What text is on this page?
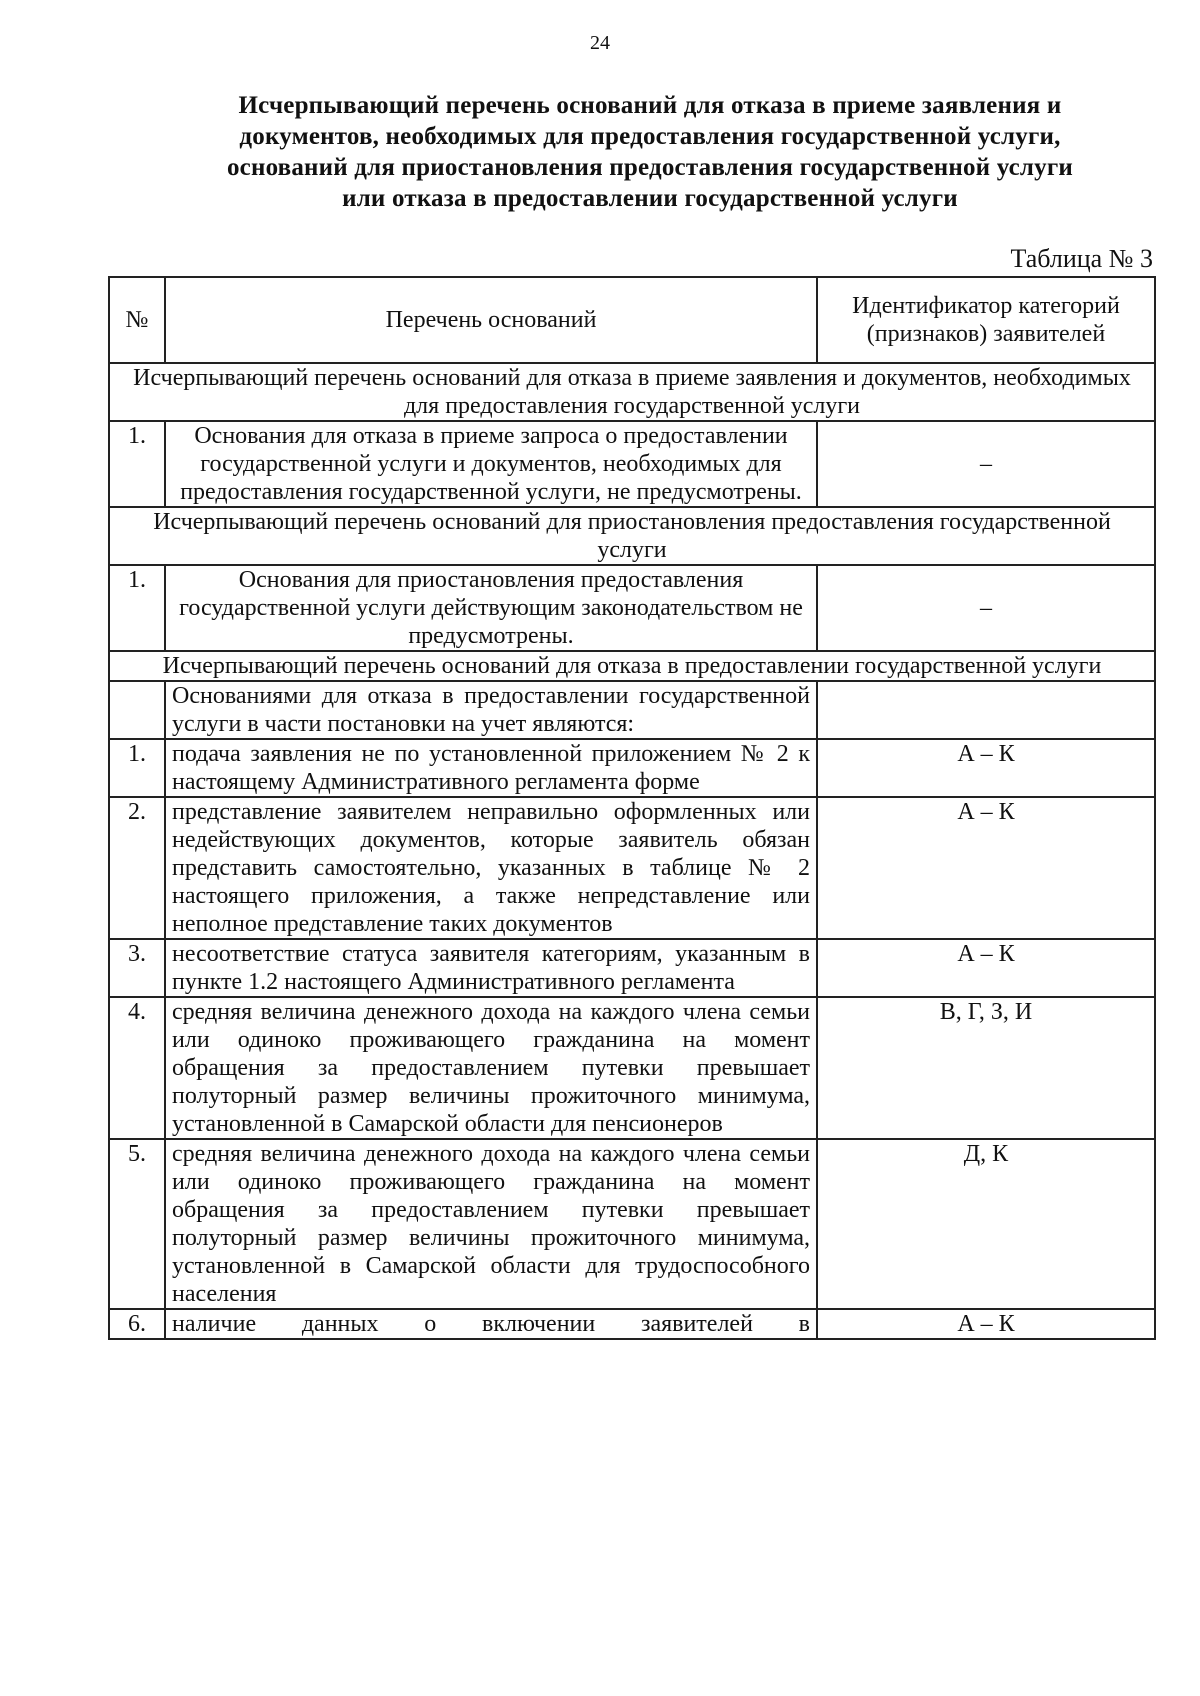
24
Исчерпывающий перечень оснований для отказа в приеме заявления и
документов, необходимых для предоставления государственной услуги,
оснований для приостановления предоставления государственной услуги
или отказа в предоставлении государственной услуги
Таблица № 3
№	Перечень оснований	Идентификатор категорий (признаков) заявителей
Исчерпывающий перечень оснований для отказа в приеме заявления и документов, необходимых для предоставления государственной услуги		
1.	Основания для отказа в приеме запроса о предоставлении государственной услуги и документов, необходимых для предоставления государственной услуги, не предусмотрены.	–
Исчерпывающий перечень оснований для приостановления предоставления государственной услуги		
1.	Основания для приостановления предоставления государственной услуги действующим законодательством не предусмотрены.	–
Исчерпывающий перечень оснований для отказа в предоставлении государственной услуги		
	Основаниями для отказа в предоставлении государственной услуги в части постановки на учет являются:	
1.	подача заявления не по установленной приложением № 2 к настоящему Административного регламента форме	А – К
2.	представление заявителем неправильно оформленных или недействующих документов, которые заявитель обязан представить самостоятельно, указанных в таблице № 2 настоящего приложения, а также непредставление или неполное представление таких документов	А – К
3.	несоответствие статуса заявителя категориям, указанным в пункте 1.2 настоящего Административного регламента	А – К
4.	средняя величина денежного дохода на каждого члена семьи или одиноко проживающего гражданина на момент обращения за предоставлением путевки превышает полуторный размер величины прожиточного минимума, установленной в Самарской области для пенсионеров	В, Г, З, И
5.	средняя величина денежного дохода на каждого члена семьи или одиноко проживающего гражданина на момент обращения за предоставлением путевки превышает полуторный размер величины прожиточного минимума, установленной в Самарской области для трудоспособного населения	Д, К
6.	наличие данных о включении заявителей в	А – К
